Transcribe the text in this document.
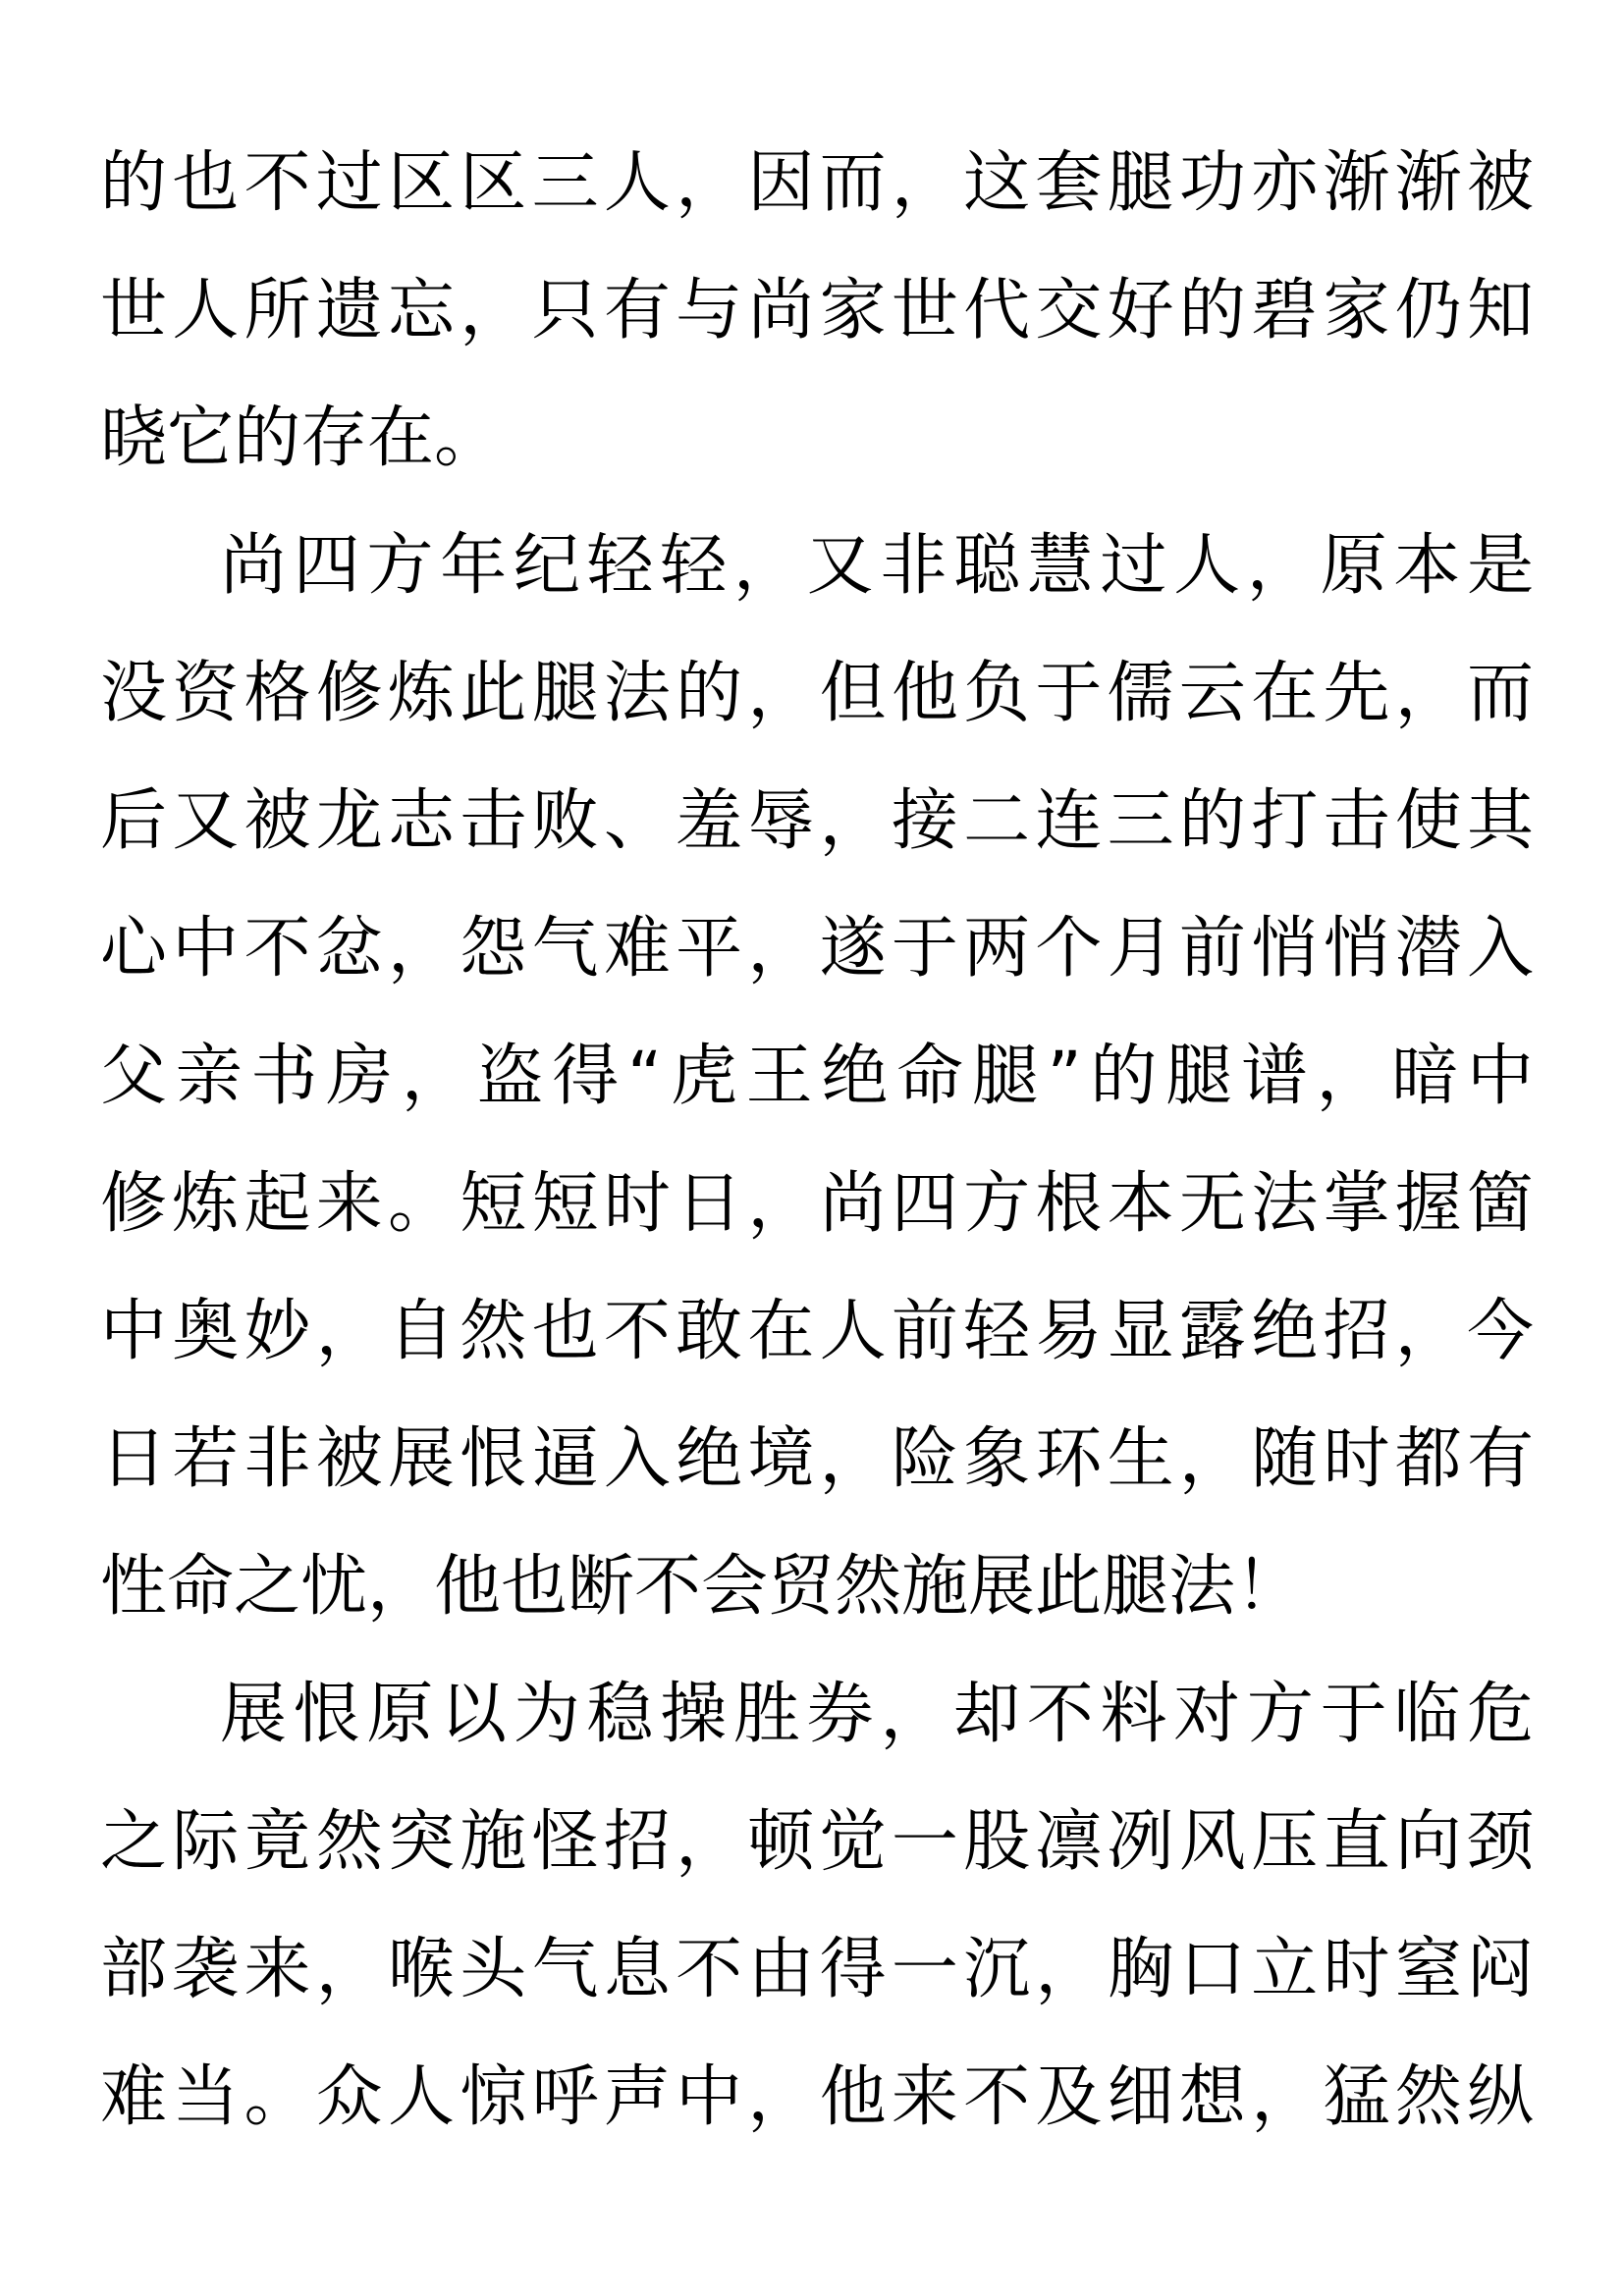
的也不过区区三人，因而，这套腿功亦渐渐被
世人所遗忘，只有与尚家世代交好的碧家仍知
晓它的存在。
尚四方年纪轻轻，又非聪慧过人，原本是
没资格修炼此腿法的，但他负于儒云在先，而
后又被龙志击败、羞辱，接二连三的打击使其
心中不忿，怨气难平，遂于两个月前悄悄潜入
父亲书房，盗得“虎王绝命腿”的腿谱，暗中
修炼起来。短短时日，尚四方根本无法掌握箇
中奥妙，自然也不敢在人前轻易显露绝招，今
日若非被展恨逼入绝境，险象环生，随时都有
性命之忧，他也断不会贸然施展此腿法！
展恨原以为稳操胜券，却不料对方于临危
之际竟然突施怪招，顿觉一股凛冽风压直向颈
部袭来，喉头气息不由得一沉，胸口立时窒闷
难当。众人惊呼声中，他来不及细想，猛然纵
